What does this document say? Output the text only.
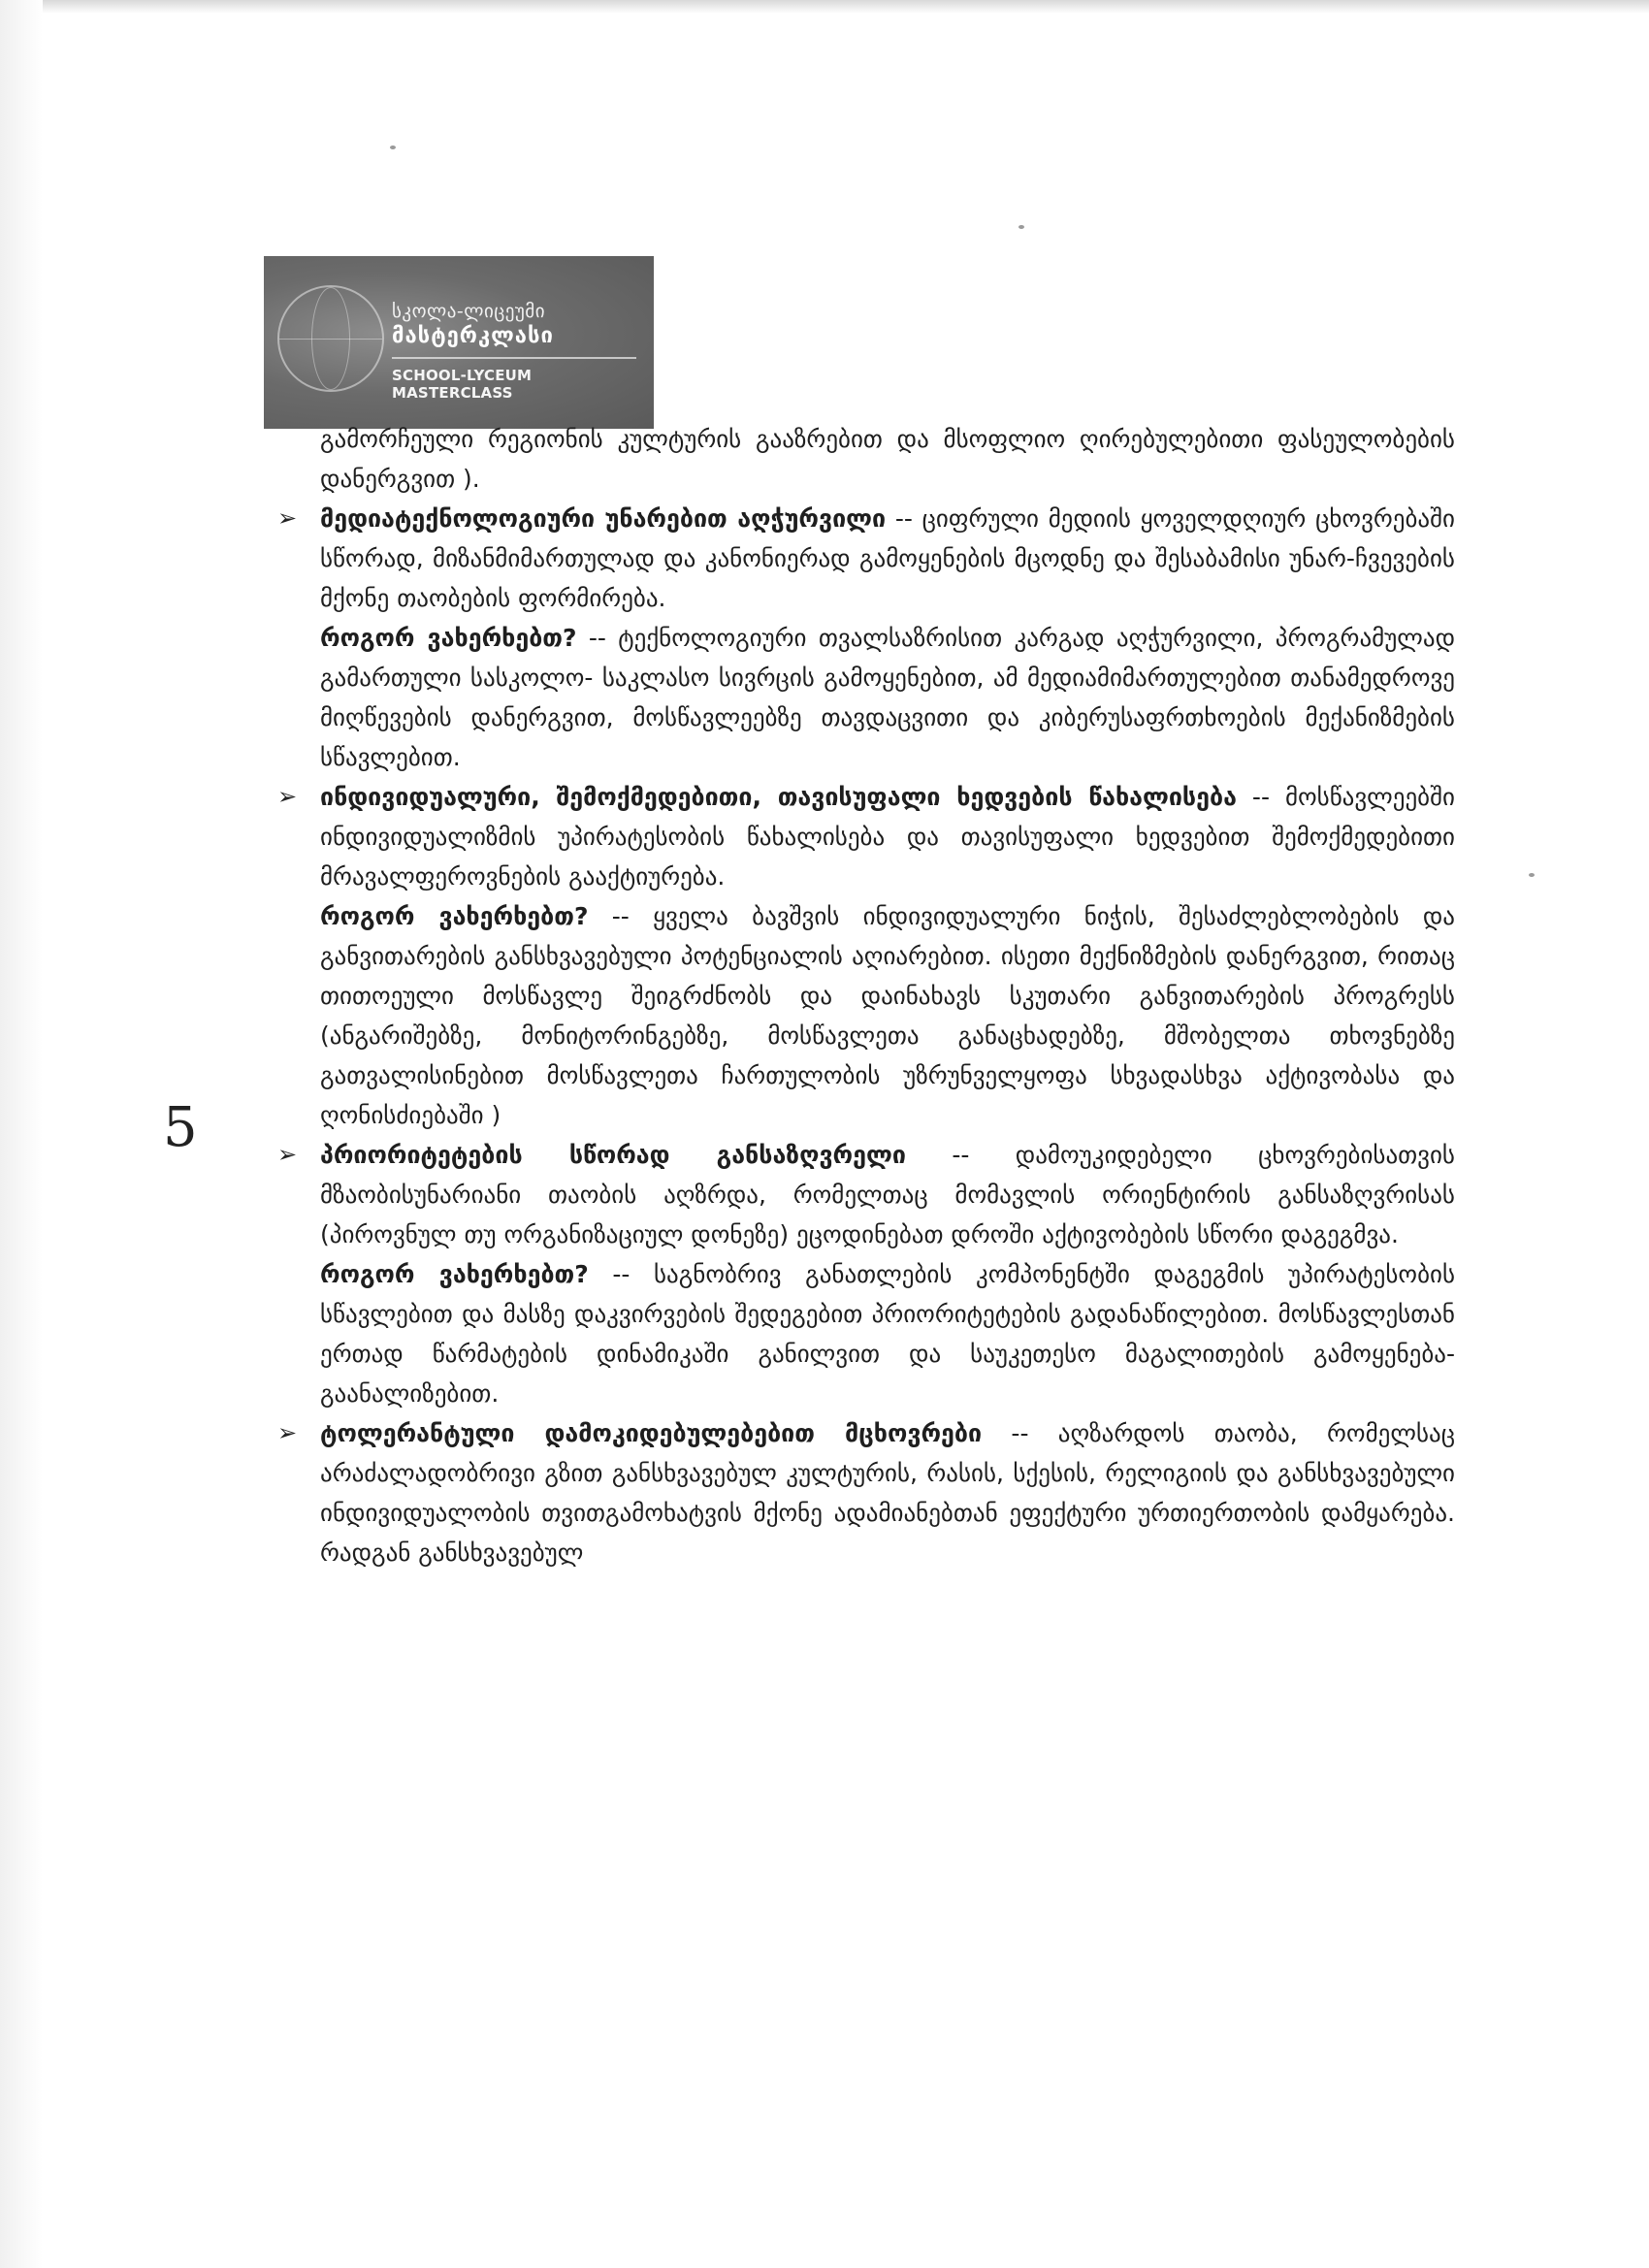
სკოლა-ლიცეუმი
მასტერკლასი
SCHOOL-LYCEUM MASTERCLASS
5

გამორჩეული რეგიონის კულტურის გააზრებით და მსოფლიო ღირებულებითი ფასეულობების დანერგვით ).

➢ მედიატექნოლოგიური უნარებით აღჭურვილი -- ციფრული მედიის ყოველდღიურ ცხოვრებაში სწორად, მიზანმიმართულად და კანონიერად გამოყენების მცოდნე და შესაბამისი უნარ-ჩვევების მქონე თაობების ფორმირება.

როგორ ვახერხებთ? -- ტექნოლოგიური თვალსაზრისით კარგად აღჭურვილი, პროგრამულად გამართული სასკოლო- საკლასო სივრცის გამოყენებით, ამ მედიამიმართულებით თანამედროვე მიღწევების დანერგვით, მოსწავლეებზე თავდაცვითი და კიბერუსაფრთხოების მექანიზმების სწავლებით.

➢ ინდივიდუალური, შემოქმედებითი, თავისუფალი ხედვების წახალისება -- მოსწავლეებში ინდივიდუალიზმის უპირატესობის წახალისება და თავისუფალი ხედვებით შემოქმედებითი მრავალფეროვნების გააქტიურება.

როგორ ვახერხებთ? -- ყველა ბავშვის ინდივიდუალური ნიჭის, შესაძლებლობების და განვითარების განსხვავებული პოტენციალის აღიარებით. ისეთი მექნიზმების დანერგვით, რითაც თითოეული მოსწავლე შეიგრძნობს და დაინახავს სკუთარი განვითარების პროგრესს (ანგარიშებზე, მონიტორინგებზე, მოსწავლეთა განაცხადებზე, მშობელთა თხოვნებზე გათვალისინებით მოსწავლეთა ჩართულობის უზრუნველყოფა სხვადასხვა აქტივობასა და ღონისძიებაში )

➢ პრიორიტეტების სწორად განსაზღვრელი -- დამოუკიდებელი ცხოვრებისათვის მზაობისუნარიანი თაობის აღზრდა, რომელთაც მომავლის ორიენტირის განსაზღვრისას (პიროვნულ თუ ორგანიზაციულ დონეზე) ეცოდინებათ დროში აქტივობების სწორი დაგეგმვა.

როგორ ვახერხებთ? -- საგნობრივ განათლების კომპონენტში დაგეგმის უპირატესობის სწავლებით და მასზე დაკვირვების შედეგებით პრიორიტეტების გადანაწილებით. მოსწავლესთან ერთად წარმატების დინამიკაში განილვით და საუკეთესო მაგალითების გამოყენება-გაანალიზებით.

➢ ტოლერანტული დამოკიდებულებებით მცხოვრები -- აღზარდოს თაობა, რომელსაც არაძალადობრივი გზით განსხვავებულ კულტურის, რასის, სქესის, რელიგიის და განსხვავებული ინდივიდუალობის თვითგამოხატვის მქონე ადამიანებთან ეფექტური ურთიერთობის დამყარება. რადგან განსხვავებულ
